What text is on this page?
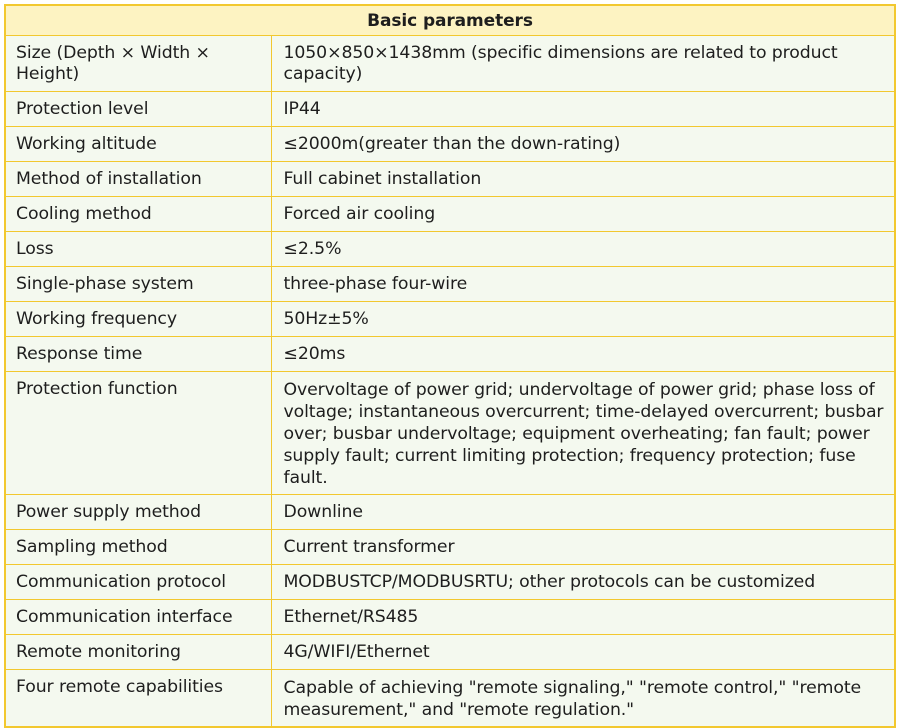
Basic parameters	
Size (Depth × Width × Height)	1050×850×1438mm (specific dimensions are related to product capacity)
Protection level	IP44
Working altitude	≤2000m(greater than the down-rating)
Method of installation	Full cabinet installation
Cooling method	Forced air cooling
Loss	≤2.5%
Single-phase system	three-phase four-wire
Working frequency	50Hz±5%
Response time	≤20ms
Protection function	Overvoltage of power grid; undervoltage of power grid; phase loss of voltage; instantaneous overcurrent; time-delayed overcurrent; busbar over; busbar undervoltage; equipment overheating; fan fault; power supply fault; current limiting protection; frequency protection; fuse fault.
Power supply method	Downline
Sampling method	Current transformer
Communication protocol	MODBUSTCP/MODBUSRTU; other protocols can be customized
Communication interface	Ethernet/RS485
Remote monitoring	4G/WIFI/Ethernet
Four remote capabilities	Capable of achieving "remote signaling," "remote control," "remote measurement," and "remote regulation."
